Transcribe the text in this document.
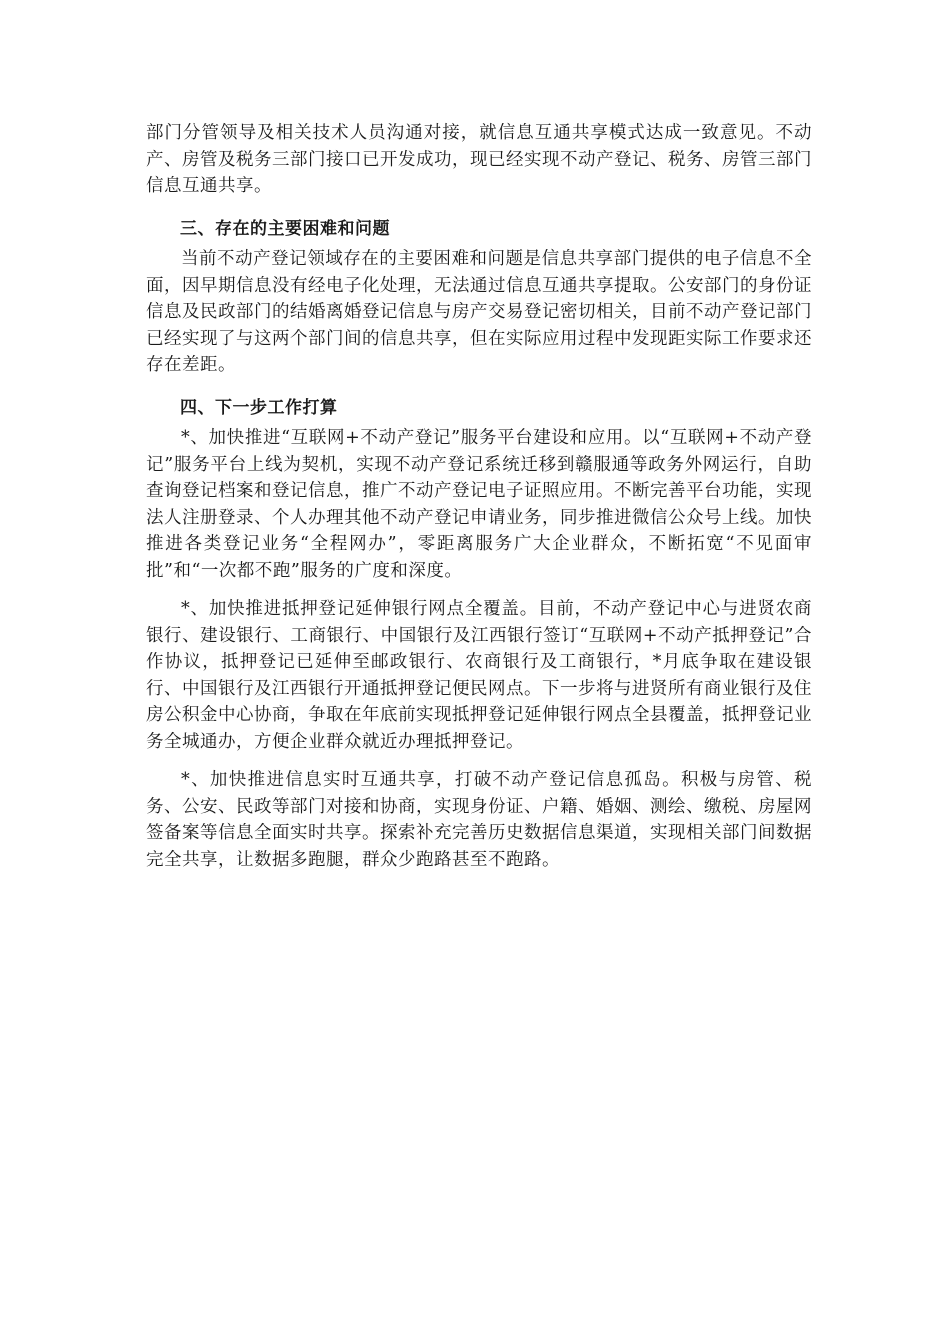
部门分管领导及相关技术人员沟通对接，就信息互通共享模式达成一致意见。不动产、房管及税务三部门接口已开发成功，现已经实现不动产登记、税务、房管三部门信息互通共享。

三、存在的主要困难和问题

当前不动产登记领域存在的主要困难和问题是信息共享部门提供的电子信息不全面，因早期信息没有经电子化处理，无法通过信息互通共享提取。公安部门的身份证信息及民政部门的结婚离婚登记信息与房产交易登记密切相关，目前不动产登记部门已经实现了与这两个部门间的信息共享，但在实际应用过程中发现距实际工作要求还存在差距。

四、下一步工作打算

*、加快推进“互联网+不动产登记”服务平台建设和应用。以“互联网+不动产登记”服务平台上线为契机，实现不动产登记系统迁移到赣服通等政务外网运行，自助查询登记档案和登记信息，推广不动产登记电子证照应用。不断完善平台功能，实现法人注册登录、个人办理其他不动产登记申请业务，同步推进微信公众号上线。加快推进各类登记业务“全程网办”，零距离服务广大企业群众，不断拓宽“不见面审批”和“一次都不跑”服务的广度和深度。

*、加快推进抵押登记延伸银行网点全覆盖。目前，不动产登记中心与进贤农商银行、建设银行、工商银行、中国银行及江西银行签订“互联网+不动产抵押登记”合作协议，抵押登记已延伸至邮政银行、农商银行及工商银行，*月底争取在建设银行、中国银行及江西银行开通抵押登记便民网点。下一步将与进贤所有商业银行及住房公积金中心协商，争取在年底前实现抵押登记延伸银行网点全县覆盖，抵押登记业务全城通办，方便企业群众就近办理抵押登记。

*、加快推进信息实时互通共享，打破不动产登记信息孤岛。积极与房管、税务、公安、民政等部门对接和协商，实现身份证、户籍、婚姻、测绘、缴税、房屋网签备案等信息全面实时共享。探索补充完善历史数据信息渠道，实现相关部门间数据完全共享，让数据多跑腿，群众少跑路甚至不跑路。
